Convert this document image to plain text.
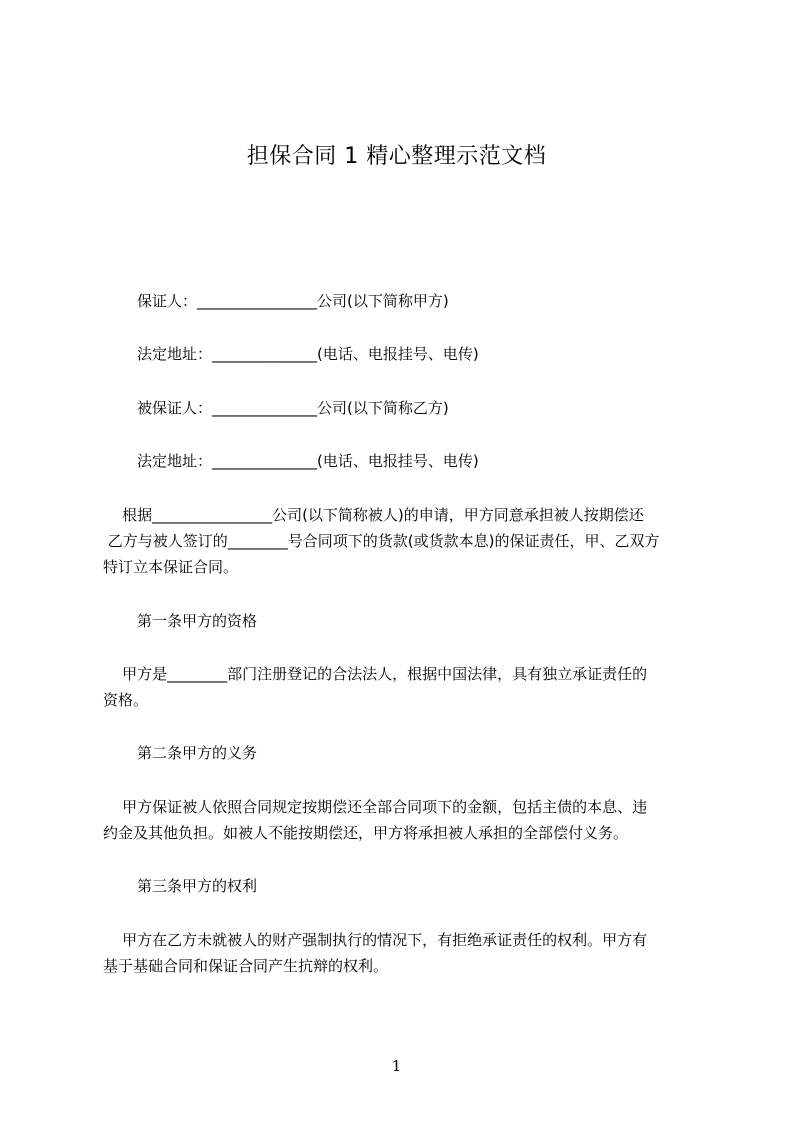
担保合同 1 精心整理示范文档
保证人：________________公司(以下简称甲方)
法定地址：______________(电话、电报挂号、电传)
被保证人：______________公司(以下简称乙方)
法定地址：______________(电话、电报挂号、电传)

根据________________公司(以下简称被人)的申请，甲方同意承担被人按期偿还

乙方与被人签订的________号合同项下的货款(或货款本息)的保证责任，甲、乙双方

特订立本保证合同。

第一条甲方的资格

甲方是________部门注册登记的合法法人，根据中国法律，具有独立承证责任的

资格。

第二条甲方的义务

甲方保证被人依照合同规定按期偿还全部合同项下的金额，包括主债的本息、违

约金及其他负担。如被人不能按期偿还，甲方将承担被人承担的全部偿付义务。

第三条甲方的权利

甲方在乙方未就被人的财产强制执行的情况下，有拒绝承证责任的权利。甲方有

基于基础合同和保证合同产生抗辩的权利。

1
